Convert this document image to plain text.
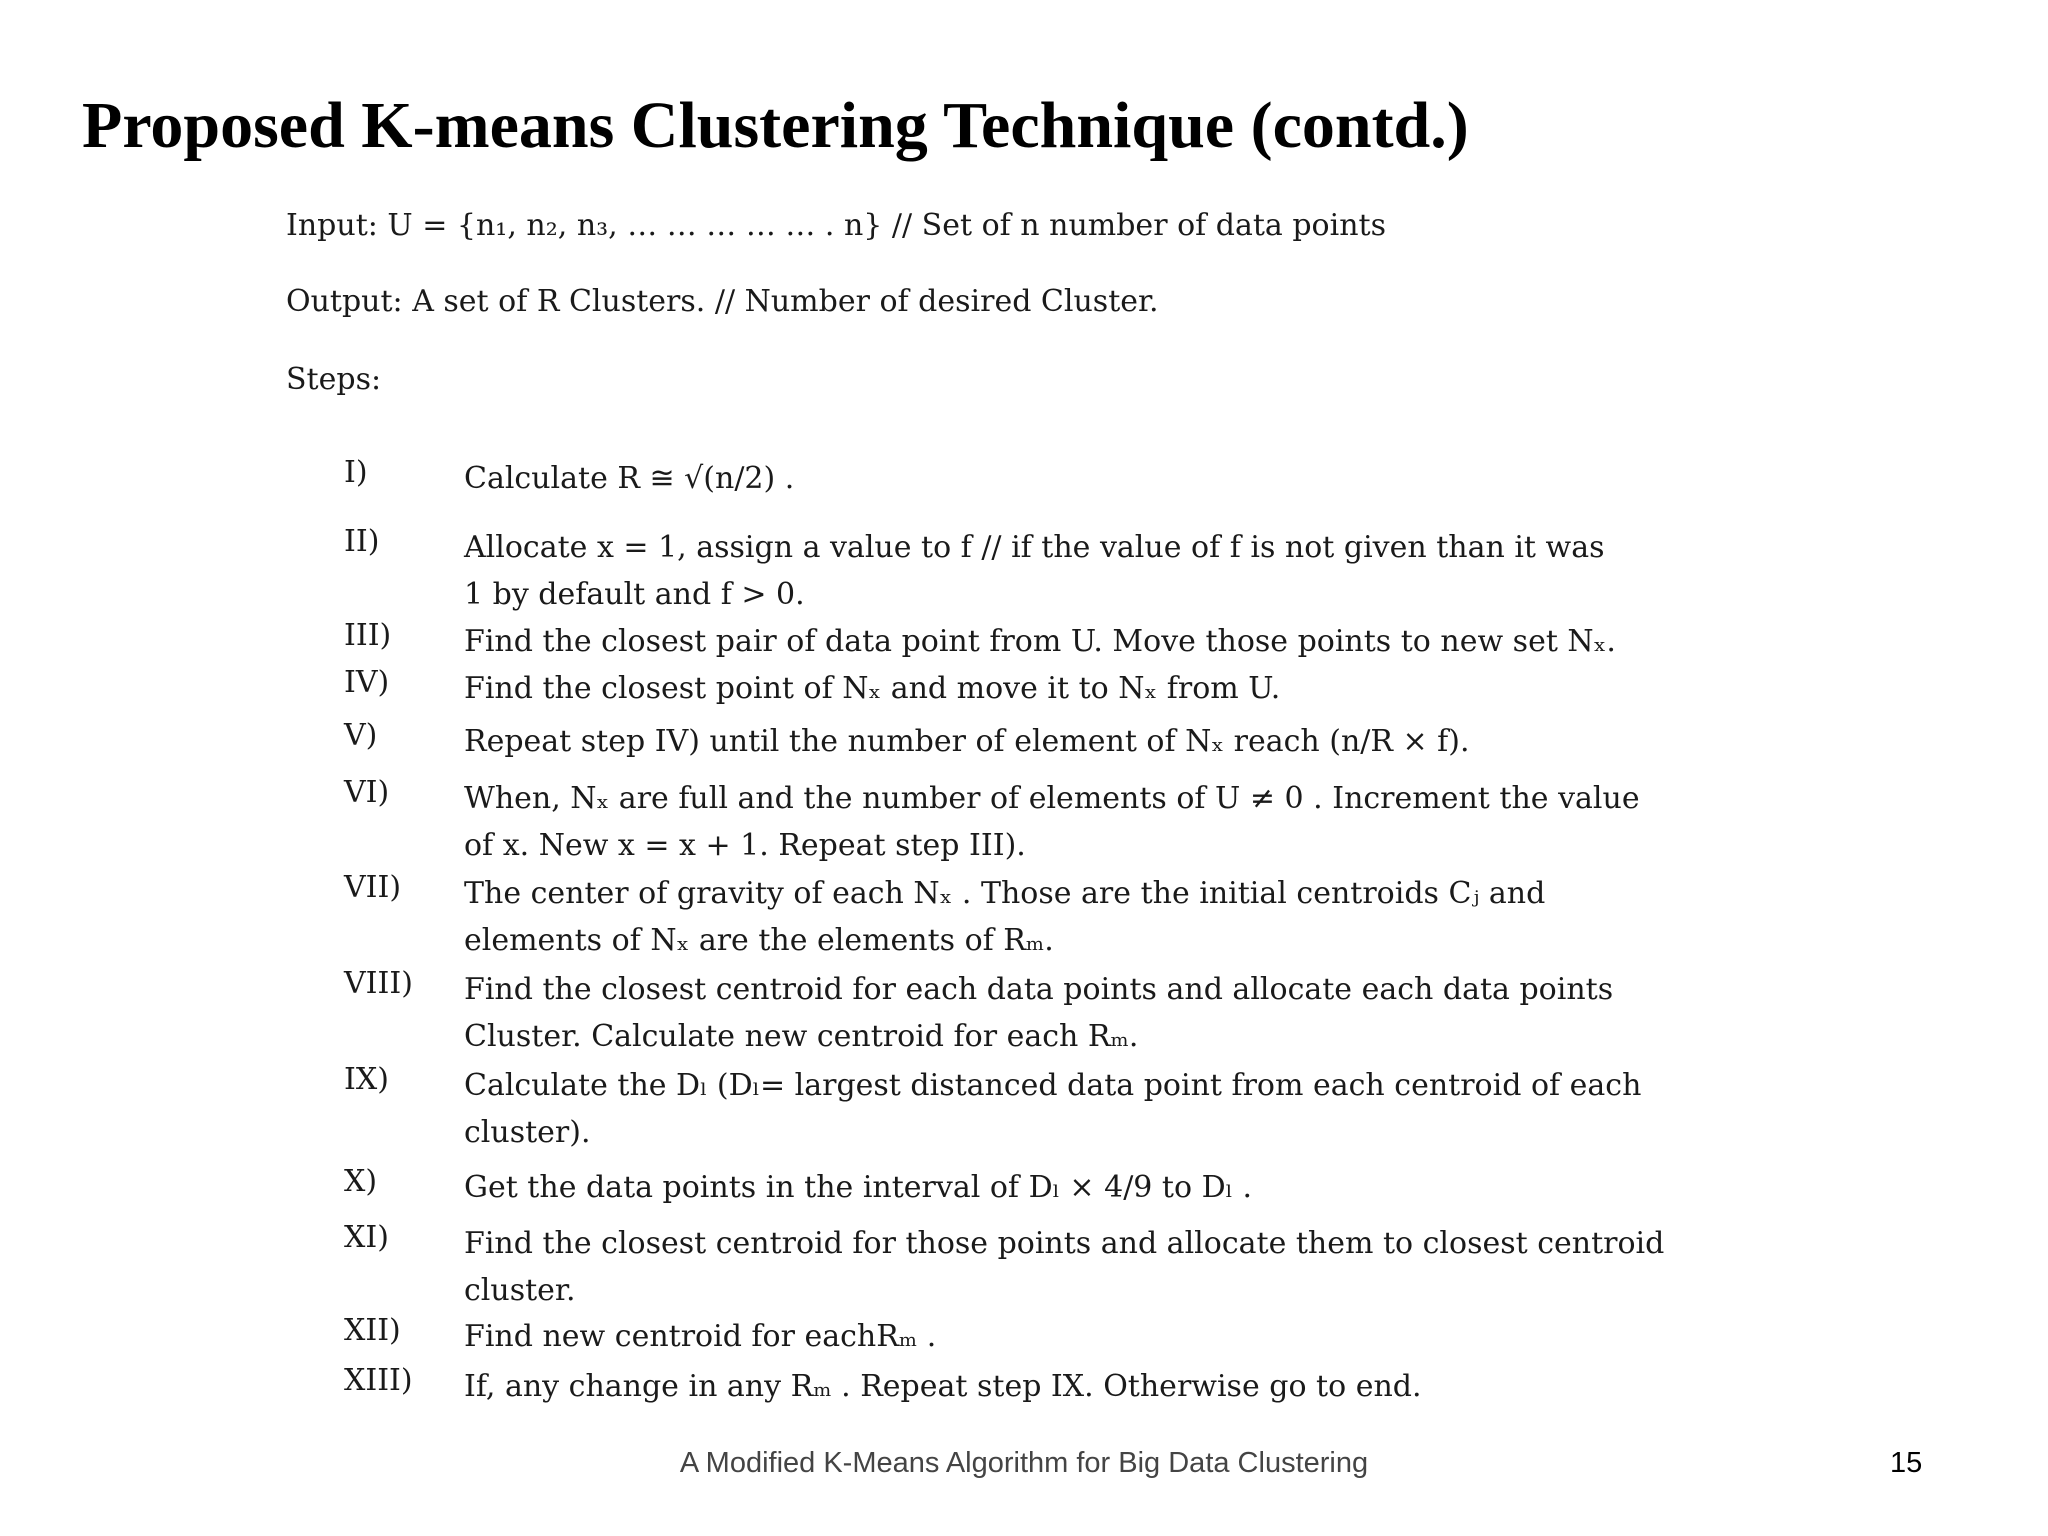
Proposed K-means Clustering Technique (contd.)
Input: U = {n₁, n₂, n₃, … … … … … . n} // Set of n number of data points
Output: A set of R Clusters. // Number of desired Cluster.
Steps:
I)	Calculate R ≅ √(n/2) .
II)	Allocate x = 1, assign a value to f // if the value of f is not given than it was
1 by default and f > 0.
III)	Find the closest pair of data point from U. Move those points to new set Nₓ.
IV)	Find the closest point of Nₓ and move it to Nₓ from U.
V)	Repeat step IV) until the number of element of Nₓ reach (n/R × f).
VI)	When, Nₓ are full and the number of elements of U ≠ 0 . Increment the value
of x. New x = x + 1. Repeat step III).
VII)	The center of gravity of each Nₓ . Those are the initial centroids Cⱼ and
elements of Nₓ are the elements of Rₘ.
VIII)	Find the closest centroid for each data points and allocate each data points
Cluster. Calculate new centroid for each Rₘ.
IX)	Calculate the Dₗ (Dₗ= largest distanced data point from each centroid of each
cluster).
X)	Get the data points in the interval of Dₗ × 4/9 to Dₗ .
XI)	Find the closest centroid for those points and allocate them to closest centroid
cluster.
XII)	Find new centroid for eachRₘ .
XIII)	If, any change in any Rₘ . Repeat step IX. Otherwise go to end.
A Modified K-Means Algorithm for Big Data Clustering	15
